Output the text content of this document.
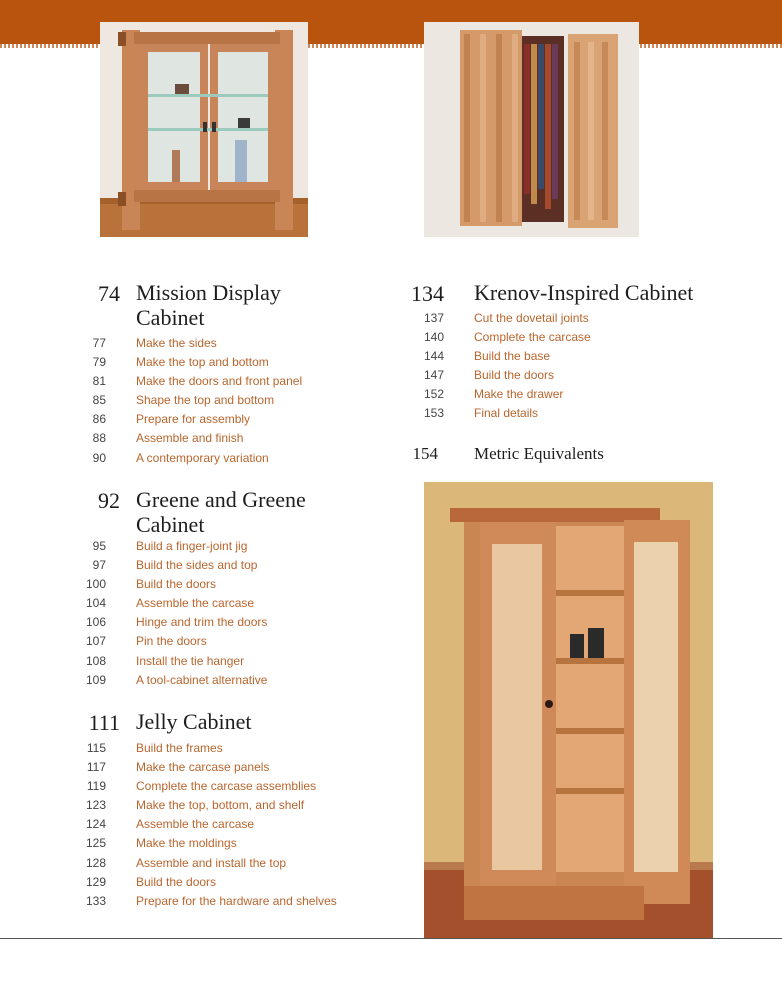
74 Mission Display
Cabinet
77	Make the sides
79	Make the top and bottom
81	Make the doors and front panel
85	Shape the top and bottom
86	Prepare for assembly
88	Assemble and finish
90	A contemporary variation
92 Greene and Greene
Cabinet
95	Build a finger-joint jig
97	Build the sides and top
100	Build the doors
104	Assemble the carcase
106	Hinge and trim the doors
107	Pin the doors
108	Install the tie hanger
109	A tool-cabinet alternative
111 Jelly Cabinet
115	Build the frames
117	Make the carcase panels
119	Complete the carcase assemblies
123	Make the top, bottom, and shelf
124	Assemble the carcase
125	Make the moldings
128	Assemble and install the top
129	Build the doors
133	Prepare for the hardware and shelves
134 Krenov-Inspired Cabinet
137	Cut the dovetail joints
140	Complete the carcase
144	Build the base
147	Build the doors
152	Make the drawer
153	Final details
154 Metric Equivalents
